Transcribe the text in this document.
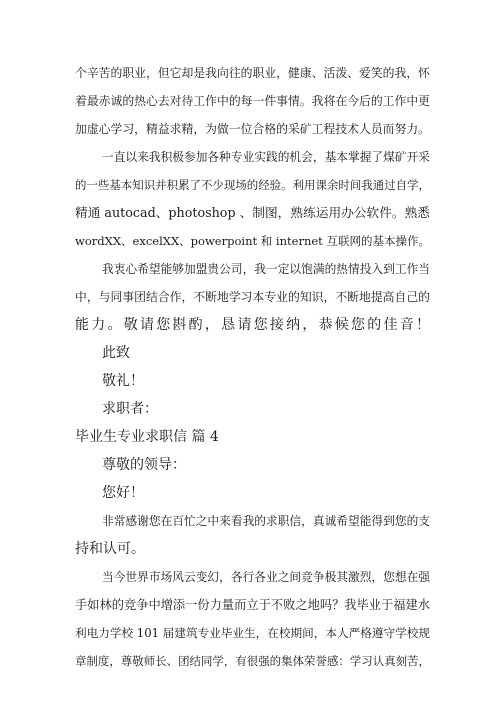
个辛苦的职业，但它却是我向往的职业，健康、活泼、爱笑的我，怀
着最赤诚的热心去对待工作中的每一件事情。我将在今后的工作中更
加虚心学习，精益求精，为做一位合格的采矿工程技术人员而努力。
一直以来我积极参加各种专业实践的机会，基本掌握了煤矿开采
的一些基本知识并积累了不少现场的经验。利用课余时间我通过自学，
精通 autocad、photoshop 、制图，熟练运用办公软件。熟悉
wordXX、excelXX、powerpoint 和 internet 互联网的基本操作。
我衷心希望能够加盟贵公司，我一定以饱满的热情投入到工作当
中，与同事团结合作，不断地学习本专业的知识，不断地提高自己的
能力。敬请您斟酌，恳请您接纳，恭候您的佳音！
此致
敬礼！
求职者：
毕业生专业求职信 篇 4
尊敬的领导：
您好！
非常感谢您在百忙之中来看我的求职信，真诚希望能得到您的支
持和认可。
当今世界市场风云变幻，各行各业之间竞争极其激烈，您想在强
手如林的竞争中增添一份力量而立于不败之地吗？我毕业于福建水
利电力学校 101 届建筑专业毕业生，在校期间，本人严格遵守学校规
章制度，尊敬师长、团结同学，有很强的集体荣誉感：学习认真刻苦，
